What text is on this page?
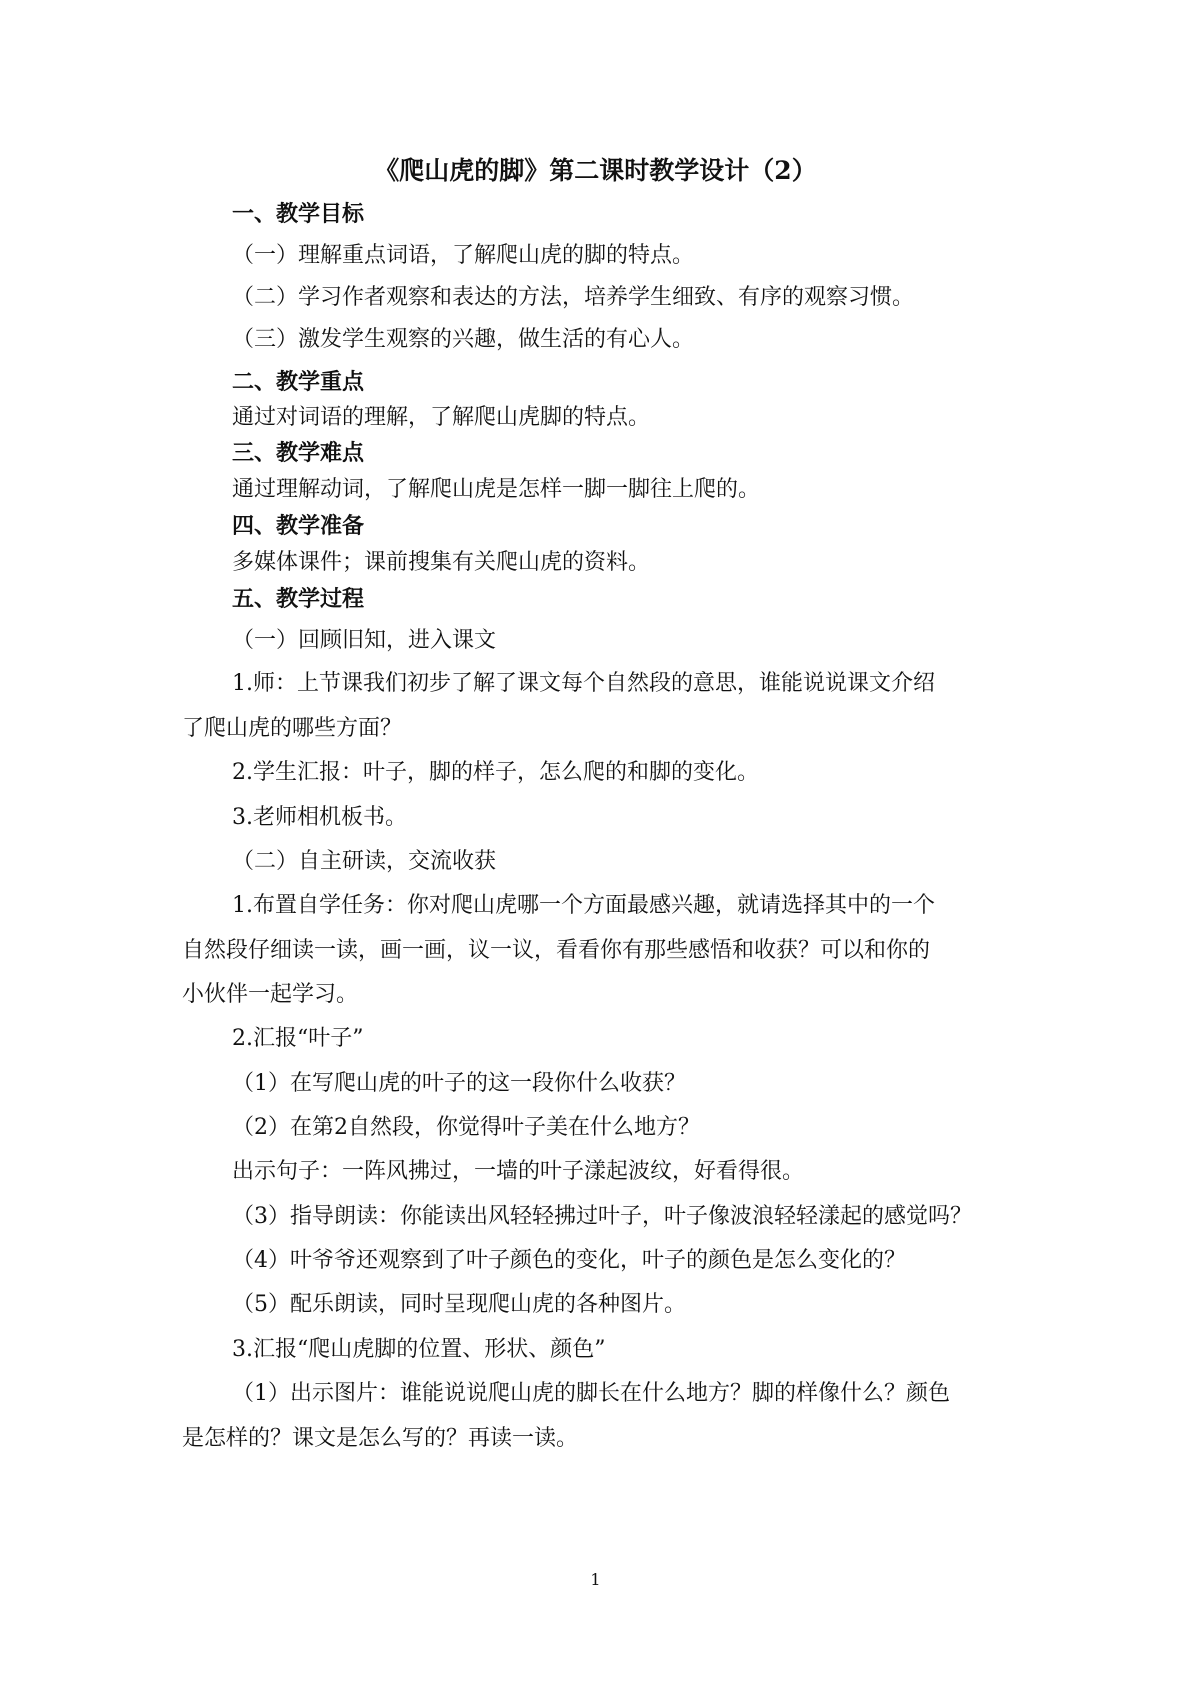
《爬山虎的脚》第二课时教学设计（2）
一、教学目标
（一）理解重点词语，了解爬山虎的脚的特点。
（二）学习作者观察和表达的方法，培养学生细致、有序的观察习惯。
（三）激发学生观察的兴趣，做生活的有心人。
二、教学重点
通过对词语的理解，了解爬山虎脚的特点。
三、教学难点
通过理解动词，了解爬山虎是怎样一脚一脚往上爬的。
四、教学准备
多媒体课件；课前搜集有关爬山虎的资料。
五、教学过程
（一）回顾旧知，进入课文
1.师：上节课我们初步了解了课文每个自然段的意思，谁能说说课文介绍
了爬山虎的哪些方面？
2.学生汇报：叶子，脚的样子，怎么爬的和脚的变化。
3.老师相机板书。
（二）自主研读，交流收获
1.布置自学任务：你对爬山虎哪一个方面最感兴趣，就请选择其中的一个
自然段仔细读一读，画一画，议一议，看看你有那些感悟和收获？可以和你的
小伙伴一起学习。
2.汇报“叶子”
（1）在写爬山虎的叶子的这一段你什么收获？
（2）在第2自然段，你觉得叶子美在什么地方？
出示句子：一阵风拂过，一墙的叶子漾起波纹，好看得很。
（3）指导朗读：你能读出风轻轻拂过叶子，叶子像波浪轻轻漾起的感觉吗？
（4）叶爷爷还观察到了叶子颜色的变化，叶子的颜色是怎么变化的？
（5）配乐朗读，同时呈现爬山虎的各种图片。
3.汇报“爬山虎脚的位置、形状、颜色”
（1）出示图片：谁能说说爬山虎的脚长在什么地方？脚的样像什么？颜色
是怎样的？课文是怎么写的？再读一读。
1
